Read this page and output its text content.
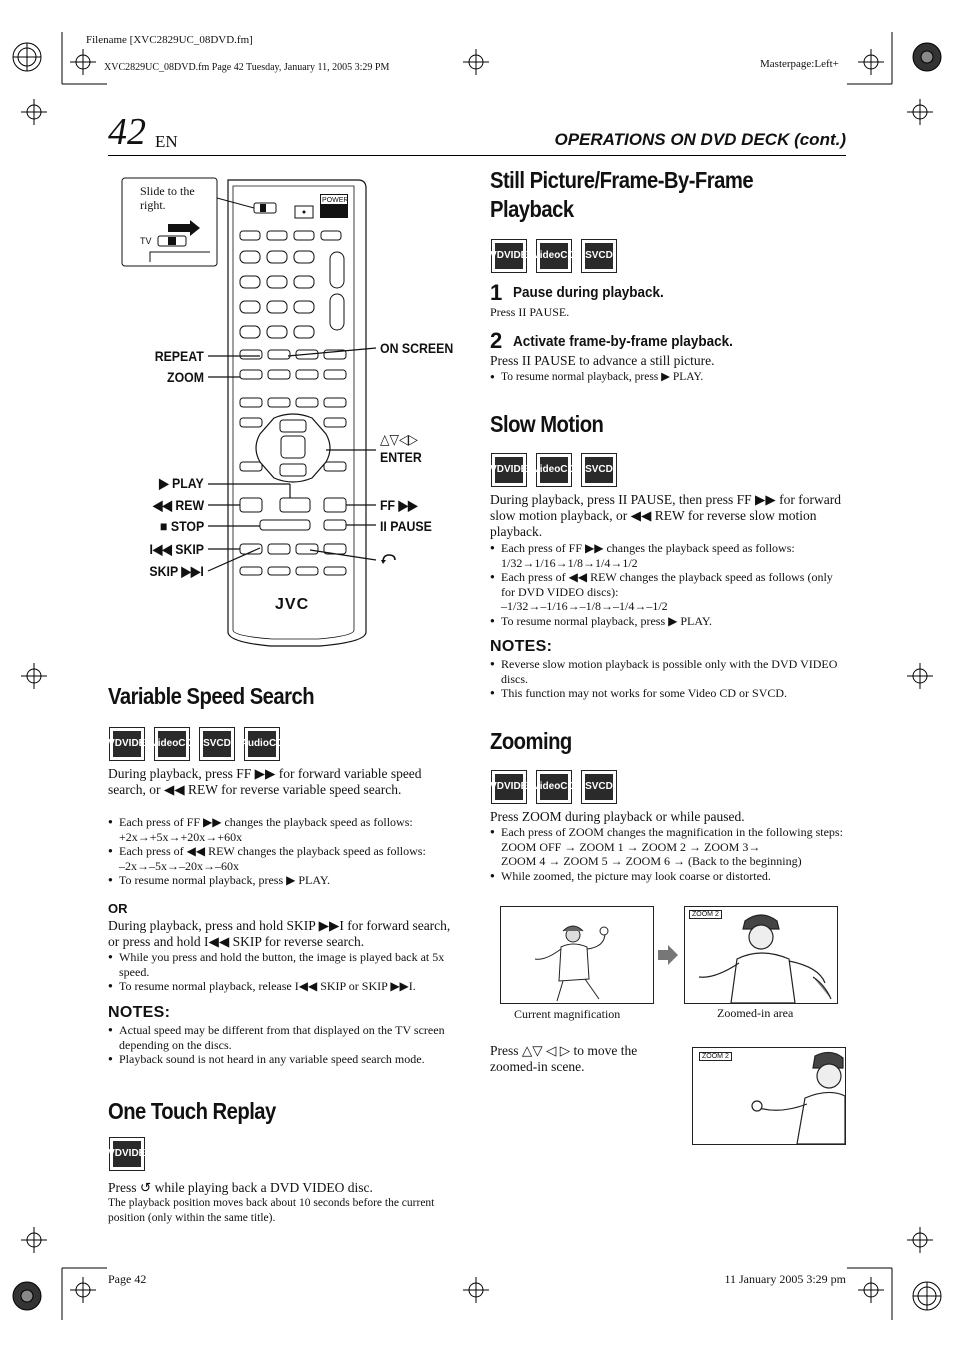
Filename [XVC2829UC_08DVD.fm]
XVC2829UC_08DVD.fm Page 42 Tuesday, January 11, 2005 3:29 PM	Masterpage:Left+
42 EN	OPERATIONS ON DVD DECK (cont.)
Slide to the right.
TV
POWER
JVC
REPEAT
ZOOM
▶ PLAY
◀◀ REW
■ STOP
I◀◀ SKIP
SKIP ▶▶I
ON SCREEN
△▽◁▷
ENTER
FF ▶▶
II PAUSE
Variable Speed Search
DVD VIDEO
Video CD SVCD Audio CD
During playback, press FF ▶▶ for forward variable speed search, or ◀◀ REW for reverse variable speed search.
● Each press of FF ▶▶ changes the playback speed as follows:
+2x→+5x→+20x→+60x
● Each press of ◀◀ REW changes the playback speed as follows:
–2x→–5x→–20x→–60x
● To resume normal playback, press ▶ PLAY.
OR
During playback, press and hold SKIP ▶▶I for forward search, or press and hold I◀◀ SKIP for reverse search.
● While you press and hold the button, the image is played back at 5x speed.
● To resume normal playback, release I◀◀ SKIP or SKIP ▶▶I.
NOTES:
● Actual speed may be different from that displayed on the TV screen depending on the discs.
● Playback sound is not heard in any variable speed search mode.
One Touch Replay
DVD VIDEO
Press ↺ while playing back a DVD VIDEO disc.
The playback position moves back about 10 seconds before the current position (only within the same title).
Still Picture/Frame-By-Frame
Playback
DVD VIDEO
Video CD SVCD
1 Pause during playback.
Press II PAUSE.
2 Activate frame-by-frame playback.
Press II PAUSE to advance a still picture.
● To resume normal playback, press ▶ PLAY.
Slow Motion
DVD VIDEO
Video CD SVCD
During playback, press II PAUSE, then press FF ▶▶ for forward slow motion playback, or ◀◀ REW for reverse slow motion playback.
● Each press of FF ▶▶ changes the playback speed as follows:
1/32→1/16→1/8→1/4→1/2
● Each press of ◀◀ REW changes the playback speed as follows (only for DVD VIDEO discs):
–1/32→–1/16→–1/8→–1/4→–1/2
● To resume normal playback, press ▶ PLAY.
NOTES:
● Reverse slow motion playback is possible only with the DVD VIDEO discs.
● This function may not works for some Video CD or SVCD.
Zooming
DVD VIDEO
Video CD SVCD
Press ZOOM during playback or while paused.
● Each press of ZOOM changes the magnification in the following steps:
ZOOM OFF → ZOOM 1 → ZOOM 2 → ZOOM 3→
ZOOM 4 → ZOOM 5 → ZOOM 6 → (Back to the beginning)
● While zoomed, the picture may look coarse or distorted.
ZOOM 2
Current magnification	Zoomed-in area
Press △▽ ◁ ▷ to move the zoomed-in scene.
ZOOM 2
Page 42	11 January 2005 3:29 pm
